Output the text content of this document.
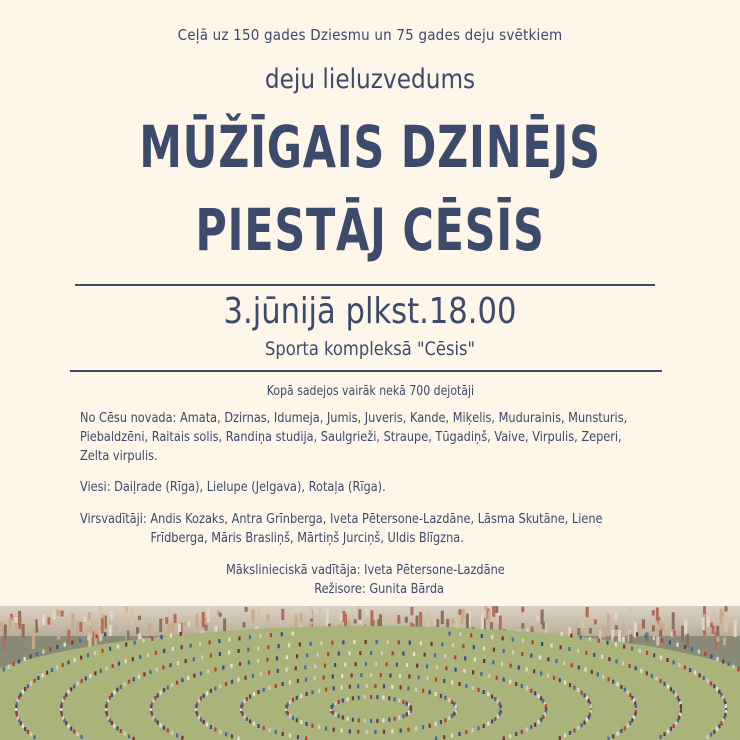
Ceļā uz 150 gades Dziesmu un 75 gades deju svētkiem
deju lieluzvedums
MŪŽĪGAIS DZINĒJS
PIESTĀJ CĒSĪS
3.jūnijā plkst.18.00
Sporta kompleksā "Cēsis"
Kopā sadejos vairāk nekā 700 dejotāji
No Cēsu novada: Amata, Dzirnas, Idumeja, Jumis, Juveris, Kande, Miķelis, Mudurainis, Munsturis,
Piebaldzēni, Raitais solis, Randiņa studija, Saulgrieži, Straupe, Tūgadiņš, Vaive, Virpulis, Zeperi,
Zelta virpulis.
Viesi: Daiļrade (Rīga), Lielupe (Jelgava), Rotaļa (Rīga).
Virsvadītāji: Andis Kozaks, Antra Grīnberga, Iveta Pētersone-Lazdāne, Lāsma Skutāne, Liene
Frīdberga, Māris Brasliņš, Mārtiņš Jurciņš, Uldis Blīgzna.
Mākslinieciskā vadītāja: Iveta Pētersone-Lazdāne
Režisore: Gunita Bārda
